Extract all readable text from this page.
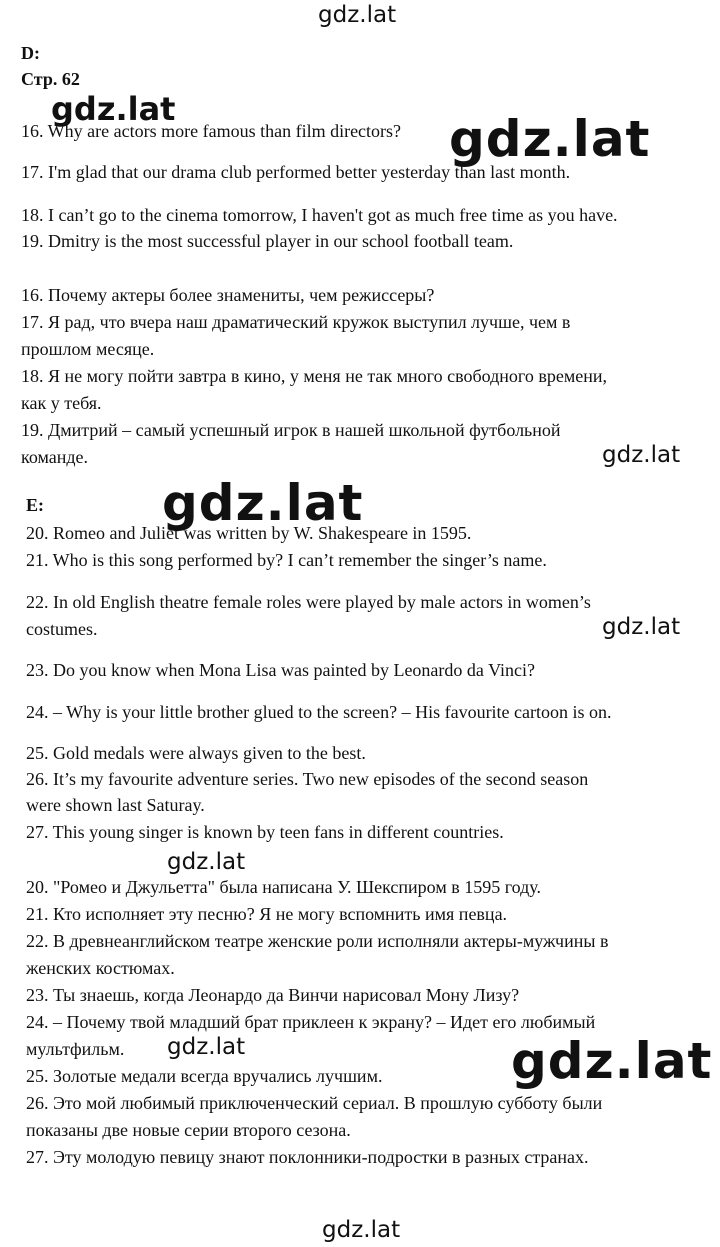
D:
Стр. 62
16. Why are actors more famous than film directors?
17. I'm glad that our drama club performed better yesterday than last month.
18. I can’t go to the cinema tomorrow, I haven't got as much free time as you have.
19. Dmitry is the most successful player in our school football team.
16. Почему актеры более знамениты, чем режиссеры?
17. Я рад, что вчера наш драматический кружок выступил лучше, чем в
прошлом месяце.
18. Я не могу пойти завтра в кино, у меня не так много свободного времени,
как у тебя.
19. Дмитрий – самый успешный игрок в нашей школьной футбольной
команде.
E:
20. Romeo and Juliet was written by W. Shakespeare in 1595.
21. Who is this song performed by? I can’t remember the singer’s name.
22. In old English theatre female roles were played by male actors in women’s
costumes.
23. Do you know when Mona Lisa was painted by Leonardo da Vinci?
24. – Why is your little brother glued to the screen? – His favourite cartoon is on.
25. Gold medals were always given to the best.
26. It’s my favourite adventure series. Two new episodes of the second season
were shown last Saturay.
27. This young singer is known by teen fans in different countries.
20. "Ромео и Джульетта" была написана У. Шекспиром в 1595 году.
21. Кто исполняет эту песню? Я не могу вспомнить имя певца.
22. В древнеанглийском театре женские роли исполняли актеры-мужчины в
женских костюмах.
23. Ты знаешь, когда Леонардо да Винчи нарисовал Мону Лизу?
24. – Почему твой младший брат приклеен к экрану? – Идет его любимый
мультфильм.
25. Золотые медали всегда вручались лучшим.
26. Это мой любимый приключенческий сериал. В прошлую субботу были
показаны две новые серии второго сезона.
27. Эту молодую певицу знают поклонники-подростки в разных странах.
gdz.lat
gdz.lat
gdz.lat
gdz.lat
gdz.lat
gdz.lat
gdz.lat
gdz.lat	gdz.lat
gdz.lat
